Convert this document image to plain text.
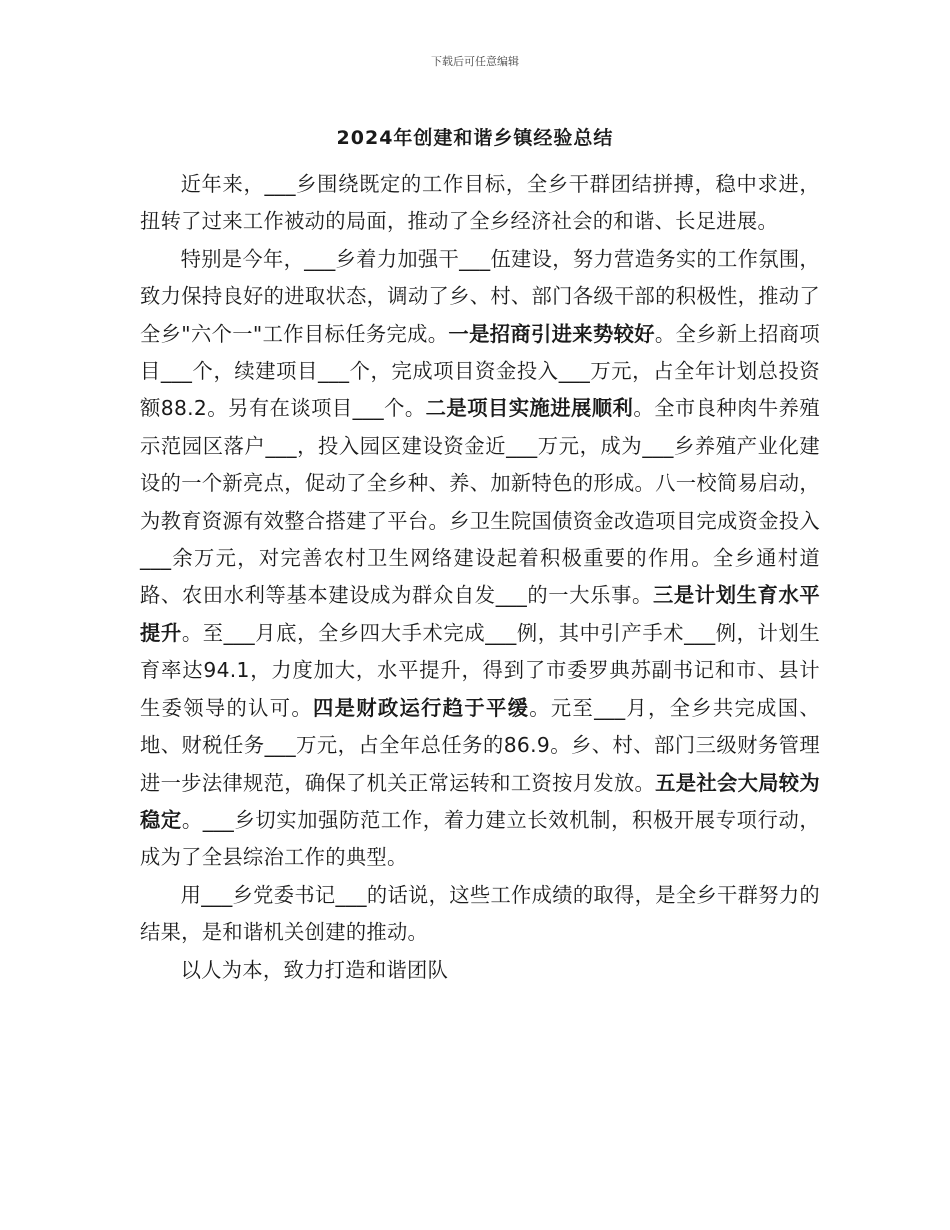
下载后可任意编辑
2024年创建和谐乡镇经验总结

近年来，___乡围绕既定的工作目标，全乡干群团结拼搏，稳中求进，扭转了过来工作被动的局面，推动了全乡经济社会的和谐、长足进展。

特别是今年，___乡着力加强干___伍建设，努力营造务实的工作氛围，致力保持良好的进取状态，调动了乡、村、部门各级干部的积极性，推动了全乡"六个一"工作目标任务完成。一是招商引进来势较好。全乡新上招商项目___个，续建项目___个，完成项目资金投入___万元，占全年计划总投资额88.2。另有在谈项目___个。二是项目实施进展顺利。全市良种肉牛养殖示范园区落户___，投入园区建设资金近___万元，成为___乡养殖产业化建设的一个新亮点，促动了全乡种、养、加新特色的形成。八一校简易启动，为教育资源有效整合搭建了平台。乡卫生院国债资金改造项目完成资金投入___余万元，对完善农村卫生网络建设起着积极重要的作用。全乡通村道路、农田水利等基本建设成为群众自发___的一大乐事。三是计划生育水平提升。至___月底，全乡四大手术完成___例，其中引产手术___例，计划生育率达94.1，力度加大，水平提升，得到了市委罗典苏副书记和市、县计生委领导的认可。四是财政运行趋于平缓。元至___月，全乡共完成国、地、财税任务___万元，占全年总任务的86.9。乡、村、部门三级财务管理进一步法律规范，确保了机关正常运转和工资按月发放。五是社会大局较为稳定。___乡切实加强防范工作，着力建立长效机制，积极开展专项行动，成为了全县综治工作的典型。

用___乡党委书记___的话说，这些工作成绩的取得，是全乡干群努力的结果，是和谐机关创建的推动。

以人为本，致力打造和谐团队
